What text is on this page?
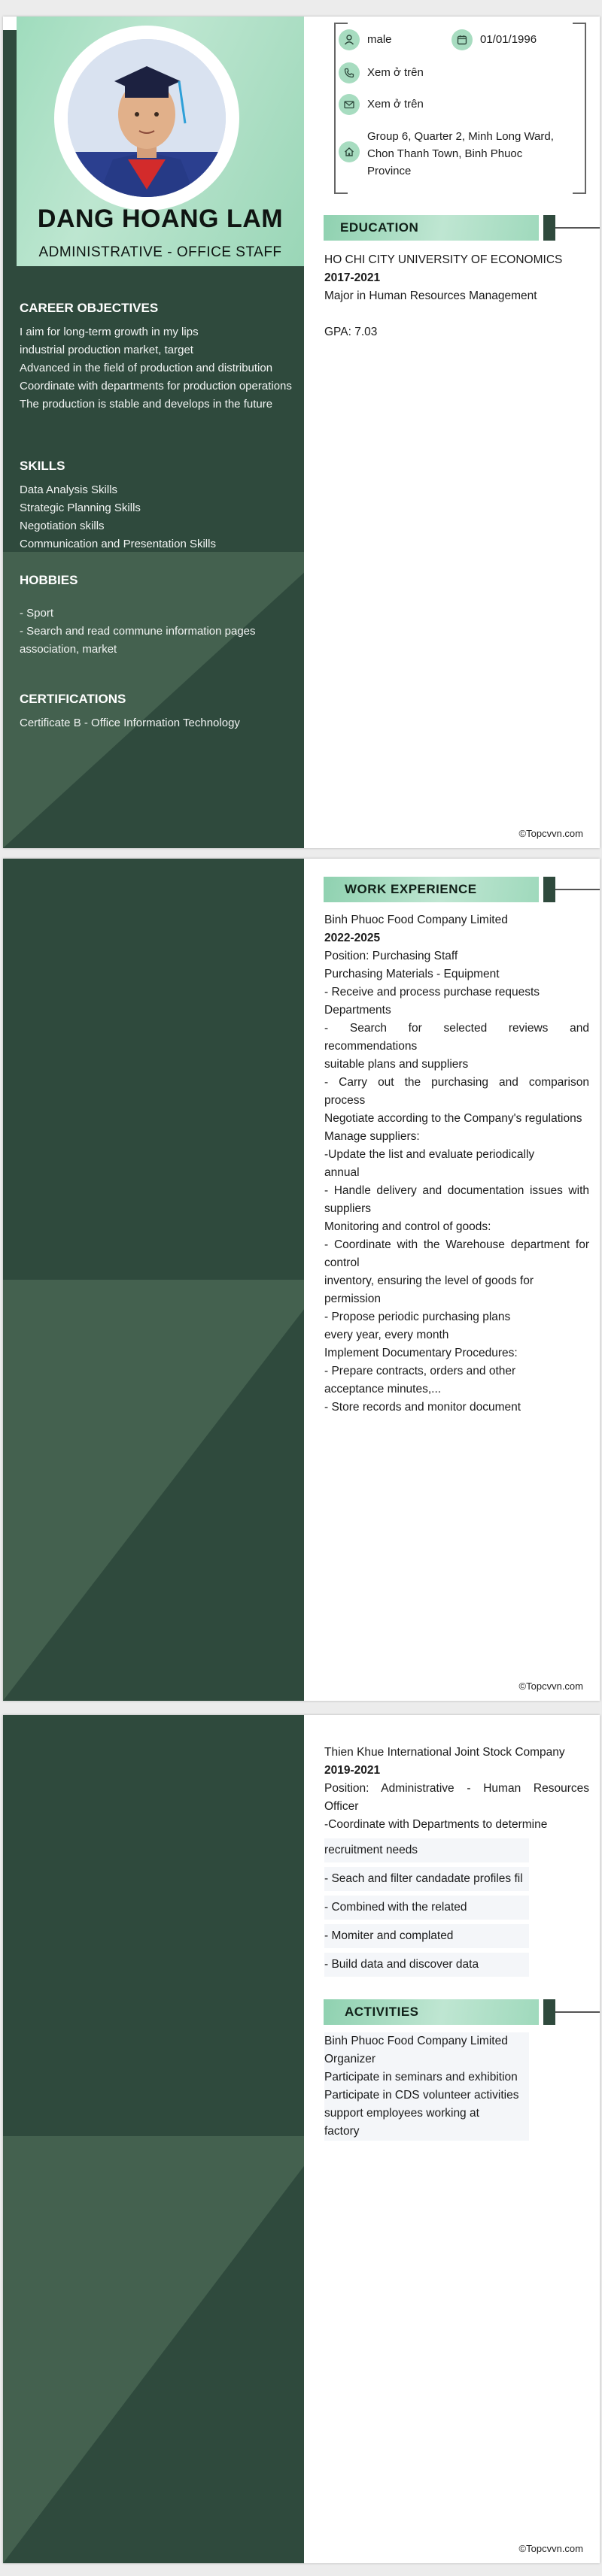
DANG HOANG LAM
ADMINISTRATIVE - OFFICE STAFF
CAREER OBJECTIVES

I aim for long-term growth in my lips

industrial production market, target

Advanced in the field of production and distribution

Coordinate with departments for production operations

The production is stable and develops in the future

SKILLS

Data Analysis Skills

Strategic Planning Skills

Negotiation skills

Communication and Presentation Skills

HOBBIES

- Sport

- Search and read commune information pages

association, market

CERTIFICATIONS

Certificate B - Office Information Technology

male	01/01/1996
Xem ở trên
Xem ở trên
Group 6, Quarter 2, Minh Long Ward,
Chon Thanh Town, Binh Phuoc
Province
EDUCATION
HO CHI CITY UNIVERSITY OF ECONOMICS
2017-2021
Major in Human Resources Management
GPA: 7.03
©Topcvvn.com
WORK EXPERIENCE
Binh Phuoc Food Company Limited
2022-2025
Position: Purchasing Staff
Purchasing Materials - Equipment
- Receive and process purchase requests
Departments
- Search for selected reviews and recommendations
suitable plans and suppliers
- Carry out the purchasing and comparison process
Negotiate according to the Company's regulations
Manage suppliers:
-Update the list and evaluate periodically
annual
- Handle delivery and documentation issues with suppliers
Monitoring and control of goods:
- Coordinate with the Warehouse department for control
inventory, ensuring the level of goods for
permission
- Propose periodic purchasing plans
every year, every month
Implement Documentary Procedures:
- Prepare contracts, orders and other
acceptance minutes,...
- Store records and monitor document
©Topcvvn.com
Thien Khue International Joint Stock Company
2019-2021
Position: Administrative - Human Resources Officer
-Coordinate with Departments to determine
recruitment needs
- Seach and filter candadate profiles fil
- Combined with the related
- Momiter and complated
- Build data and discover data
ACTIVITIES
Binh Phuoc Food Company Limited
Organizer
Participate in seminars and exhibition
Participate in CDS volunteer activities
support employees working at
factory
©Topcvvn.com
